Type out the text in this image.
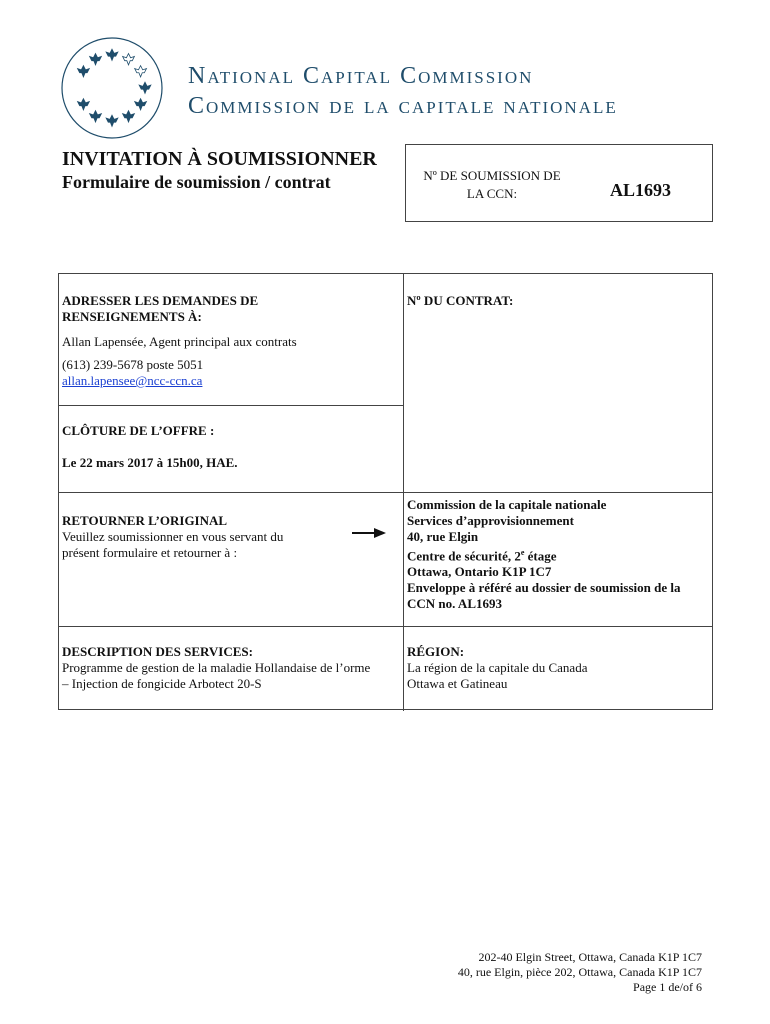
National Capital Commission
Commission de la capitale nationale
INVITATION À SOUMISSIONNER
Formulaire de soumission / contrat	Nº DE SOUMISSION DE
LA CCN:	AL1693
ADRESSER LES DEMANDES DE
RENSEIGNEMENTS À:
Allan Lapensée, Agent principal aux contrats
(613) 239-5678 poste 5051
allan.lapensee@ncc-ccn.ca
Nº DU CONTRAT:
CLÔTURE DE L’OFFRE :
Le 22 mars 2017 à 15h00, HAE.
RETOURNER L’ORIGINAL
Veuillez soumissionner en vous servant du
présent formulaire et retourner à :
Commission de la capitale nationale
Services d’approvisionnement
40, rue Elgin
Centre de sécurité, 2e étage
Ottawa, Ontario K1P 1C7
Enveloppe à référé au dossier de soumission de la
CCN no. AL1693
DESCRIPTION DES SERVICES:
Programme de gestion de la maladie Hollandaise de l’orme
– Injection de fongicide Arbotect 20-S
RÉGION:
La région de la capitale du Canada
Ottawa et Gatineau
202-40 Elgin Street, Ottawa, Canada K1P 1C7
40, rue Elgin, pièce 202, Ottawa, Canada K1P 1C7
Page 1 de/of 6
